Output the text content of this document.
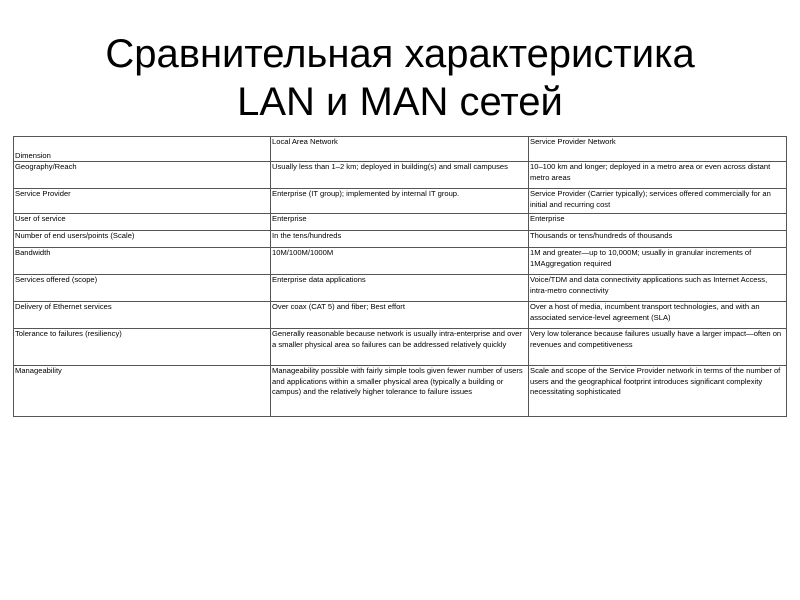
Сравнительная характеристика
LAN и MAN сетей
Dimension	Local Area Network	Service Provider Network
Geography/Reach	Usually less than 1–2 km; deployed in building(s) and small campuses	10–100 km and longer; deployed in a metro area or even across distant metro areas
Service Provider	Enterprise (IT group); implemented by internal IT group.	Service Provider (Carrier typically); services offered commercially for an initial and recurring cost
User of service	Enterprise	Enterprise
Number of end users/points (Scale)	In the tens/hundreds	Thousands or tens/hundreds of thousands
Bandwidth	10M/100M/1000M	1M and greater—up to 10,000M; usually in granular increments of 1MAggregation required
Services offered (scope)	Enterprise data applications	Voice/TDM and data connectivity applications such as Internet Access, intra-metro connectivity
Delivery of Ethernet services	Over coax (CAT 5) and fiber; Best effort	Over a host of media, incumbent transport technologies, and with an associated service-level agreement (SLA)
Tolerance to failures (resiliency)	Generally reasonable because network is usually intra-enterprise and over a smaller physical area so failures can be addressed relatively quickly	Very low tolerance because failures usually have a larger impact—often on revenues and competitiveness
Manageability	Manageability possible with fairly simple tools given fewer number of users and applications within a smaller physical area (typically a building or campus) and the relatively higher tolerance to failure issues	Scale and scope of the Service Provider network in terms of the number of users and the geographical footprint introduces significant complexity necessitating sophisticated
